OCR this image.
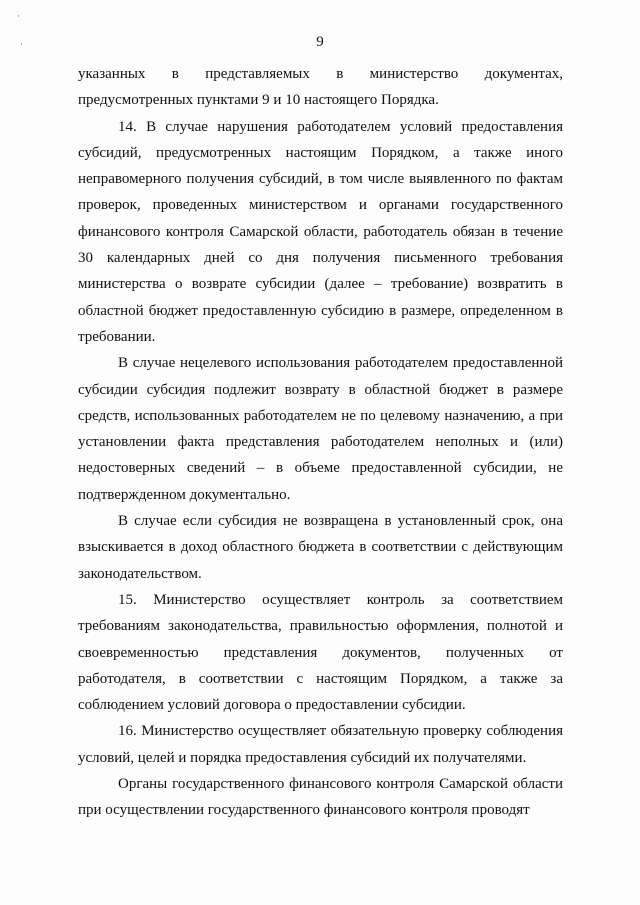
·
·	9

указанных в представляемых в министерство документах, предусмотренных пунктами 9 и 10 настоящего Порядка.

14. В случае нарушения работодателем условий предоставления субсидий, предусмотренных настоящим Порядком, а также иного неправомерного получения субсидий, в том числе выявленного по фактам проверок, проведенных министерством и органами государственного финансового контроля Самарской области, работодатель обязан в течение 30 календарных дней со дня получения письменного требования министерства о возврате субсидии (далее – требование) возвратить в областной бюджет предоставленную субсидию в размере, определенном в требовании.

В случае нецелевого использования работодателем предоставленной субсидии субсидия подлежит возврату в областной бюджет в размере средств, использованных работодателем не по целевому назначению, а при установлении факта представления работодателем неполных и (или) недостоверных сведений – в объеме предоставленной субсидии, не подтвержденном документально.

В случае если субсидия не возвращена в установленный срок, она взыскивается в доход областного бюджета в соответствии с действующим законодательством.

15. Министерство осуществляет контроль за соответствием требованиям законодательства, правильностью оформления, полнотой и своевременностью представления документов, полученных от работодателя, в соответствии с настоящим Порядком, а также за соблюдением условий договора о предоставлении субсидии.

16. Министерство осуществляет обязательную проверку соблюдения условий, целей и порядка предоставления субсидий их получателями.

Органы государственного финансового контроля Самарской области при осуществлении государственного финансового контроля проводят
